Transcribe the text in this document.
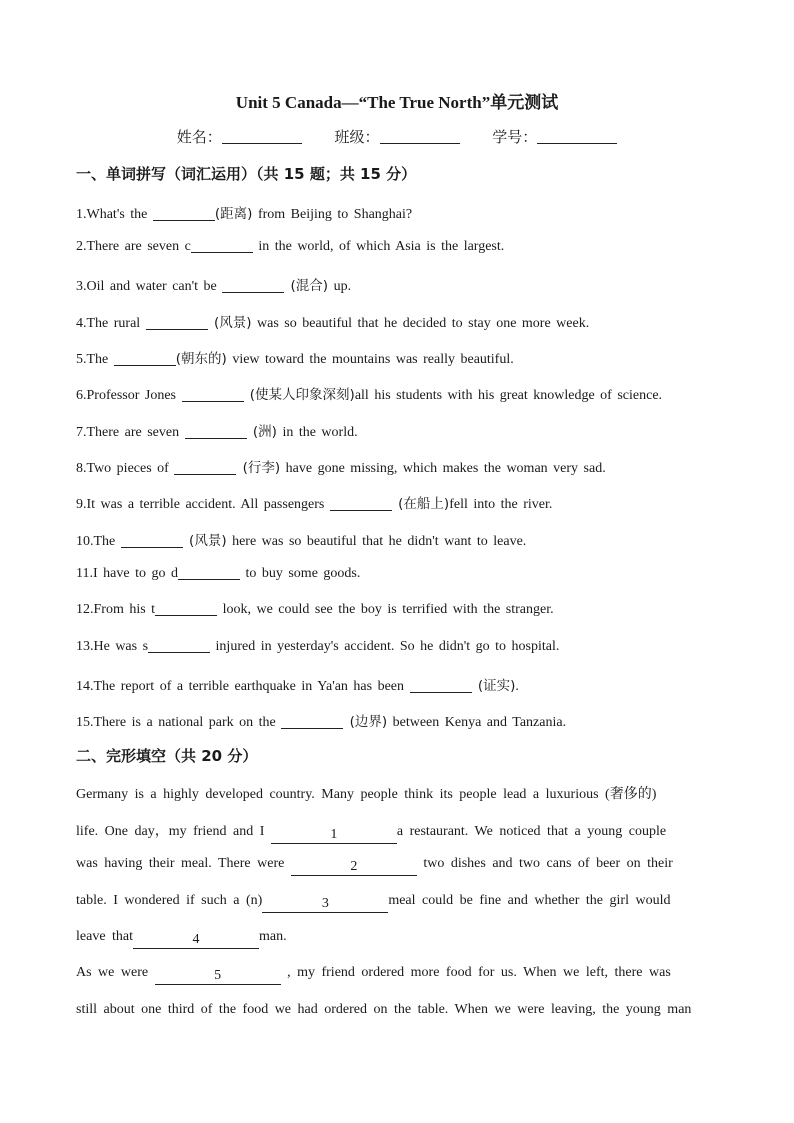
Unit 5 Canada—“The True North”单元测试
姓名：	班级：	学号：
一、单词拼写（词汇运用）（共 15 题；共 15 分）
1.What's the	(距离) from Beijing to Shanghai?
2.There are seven c	in the world, of which Asia is the largest.
3.Oil and water can't be	(混合) up.
4.The rural	(风景) was so beautiful that he decided to stay one more week.
5.The	(朝东的) view toward the mountains was really beautiful.
6.Professor Jones	(使某人印象深刻)all his students with his great knowledge of science.
7.There are seven	(洲) in the world.
8.Two pieces of	(行李) have gone missing, which makes the woman very sad.
9.It was a terrible accident. All passengers	(在船上)fell into the river.
10.The	(风景) here was so beautiful that he didn't want to leave.
11.I have to go d	to buy some goods.
12.From his t	look, we could see the boy is terrified with the stranger.
13.He was s	injured in yesterday's accident. So he didn't go to hospital.
14.The report of a terrible earthquake in Ya'an has been	(证实).
15.There is a national park on the	(边界) between Kenya and Tanzania.
二、完形填空（共 20 分）
Germany is a highly developed country. Many people think its people lead a luxurious (奢侈的)
life. One day，my friend and I	1	a restaurant. We noticed that a young couple
was having their meal. There were	2	two dishes and two cans of beer on their
table. I wondered if such a (n)	3	meal could be fine and whether the girl would
leave that	4	man.
As we were	5	, my friend ordered more food for us. When we left, there was
still about one third of the food we had ordered on the table. When we were leaving, the young man
